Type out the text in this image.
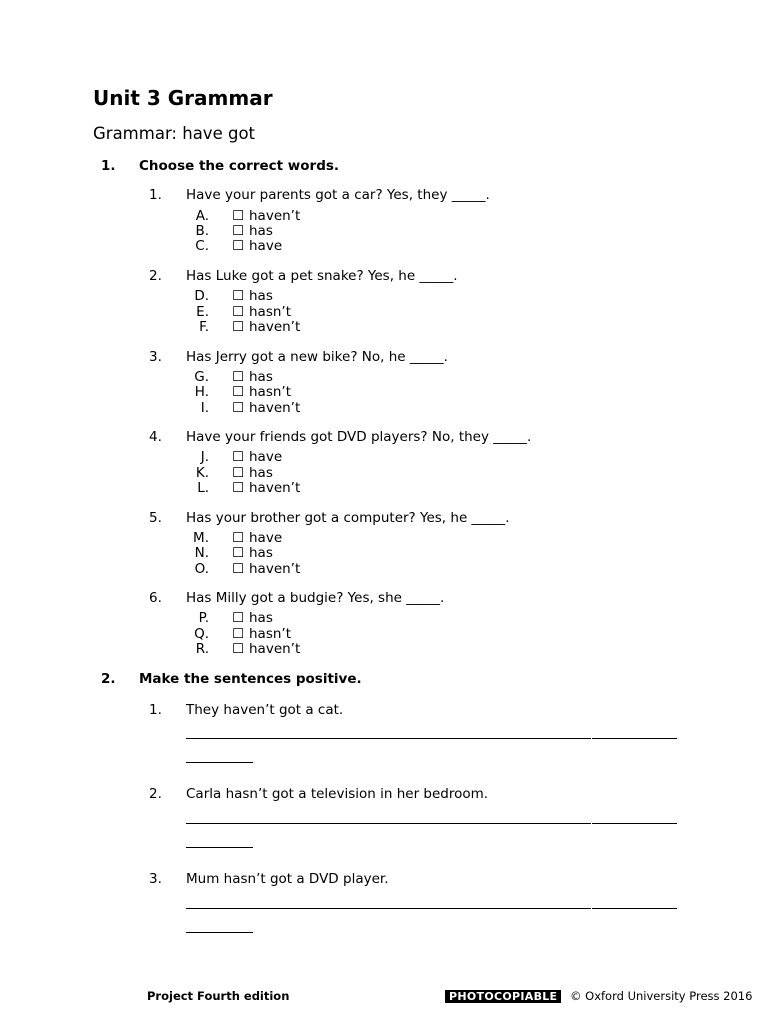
Unit 3 Grammar
Grammar: have got
1. Choose the correct words.
1. Have your parents got a car? Yes, they _____.
A. ☐ haven’t
B. ☐ has
C. ☐ have
2. Has Luke got a pet snake? Yes, he _____.
D. ☐ has
E. ☐ hasn’t
F. ☐ haven’t
3. Has Jerry got a new bike? No, he _____.
G. ☐ has
H. ☐ hasn’t
I. ☐ haven’t
4. Have your friends got DVD players? No, they _____.
J. ☐ have
K. ☐ has
L. ☐ haven’t
5. Has your brother got a computer? Yes, he _____.
M. ☐ have
N. ☐ has
O. ☐ haven’t
6. Has Milly got a budgie? Yes, she _____.
P. ☐ has
Q. ☐ hasn’t
R. ☐ haven’t
2. Make the sentences positive.
1. They haven’t got a cat.
2. Carla hasn’t got a television in her bedroom.
3. Mum hasn’t got a DVD player.
Project Fourth edition	PHOTOCOPIABLE	© Oxford University Press 2016
